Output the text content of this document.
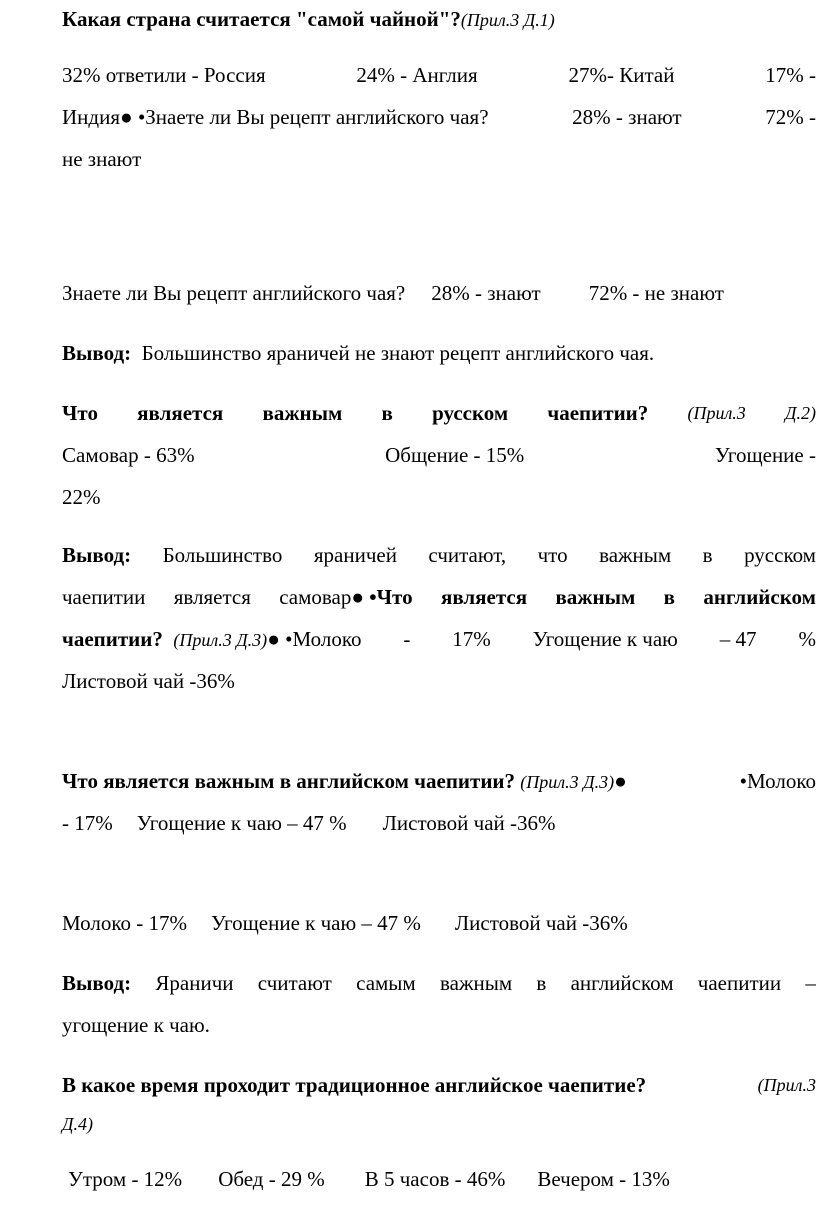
Какая страна считается "самой чайной"?(Прил.3 Д.1)
32% ответили - Россия	24% - Англия	27%- Китай	17% -
Индия● •Знаете ли Вы рецепт английского чая?	28% - знают	72% -
не знают
Знаете ли Вы рецепт английского чая? 28% - знают 72% - не знают
Вывод: Большинство яраничей не знают рецепт английского чая.
Что является важным в русском чаепитии? (Прил.3 Д.2)
Самовар - 63%	Общение - 15%	Угощение -
22%
Вывод: Большинство яраничей считают, что важным в русском
чаепитии является самовар● •Что является важным в английском
чаепитии? (Прил.3 Д.3)● •Молоко - 17% Угощение к чаю – 47 %
Листовой чай -36%
Что является важным в английском чаепитии? (Прил.3 Д.3)●	•Молоко
- 17% Угощение к чаю – 47 % Листовой чай -36%
Молоко - 17% Угощение к чаю – 47 % Листовой чай -36%
Вывод: Яраничи считают самым важным в английском чаепитии –
угощение к чаю.
В какое время проходит традиционное английское чаепитие?	(Прил.3
Д.4)
Утром - 12% Обед - 29 % В 5 часов - 46% Вечером - 13%
